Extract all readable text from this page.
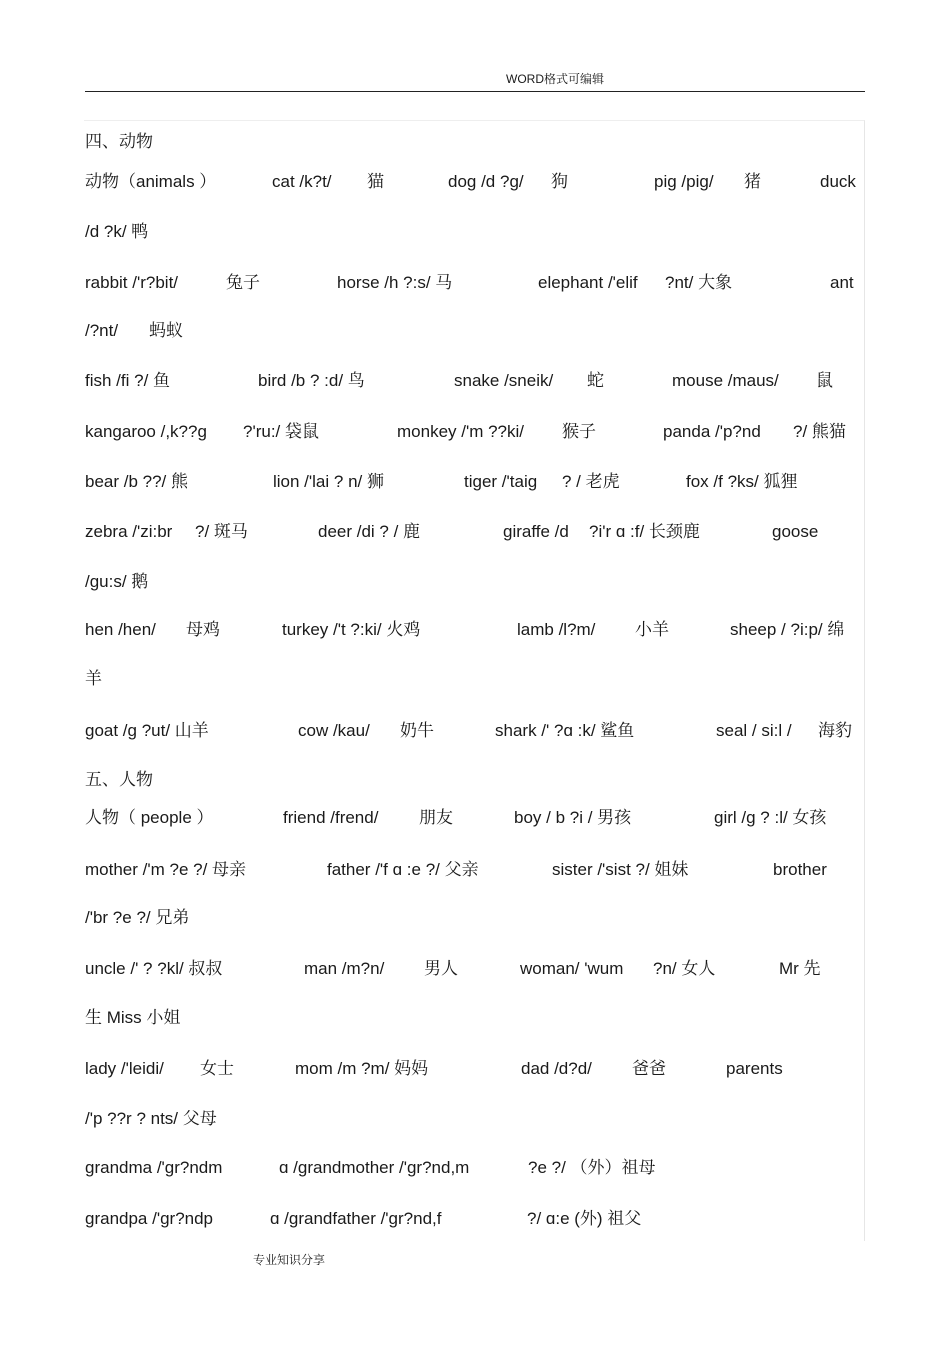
WORD格式可编辑
四、动物
动物（animals ）	cat /k?t/ 猫	dog /d ?g/ 狗	pig /pig/ 猪	duck
/d ?k/ 鸭
rabbit /'r?bit/	兔子	horse /h ?:s/ 马	elephant /'elif ?nt/ 大象	ant
/?nt/ 蚂蚁
fish /fi ?/ 鱼	bird /b ? :d/ 鸟	snake /sneik/ 蛇	mouse /maus/ 鼠
kangaroo /,k??g ?'ru:/ 袋鼠	monkey /'m ??ki/ 猴子	panda /'p?nd ?/ 熊猫
bear /b ??/ 熊	lion /'lai ? n/ 狮	tiger /'taig ? / 老虎	fox /f ?ks/ 狐狸
zebra /'zi:br ?/ 斑马	deer /di ? / 鹿	giraffe /d ?i'r ɑ :f/ 长颈鹿	goose
/gu:s/ 鹅
hen /hen/ 母鸡	turkey /'t ?:ki/ 火鸡	lamb /l?m/ 小羊	sheep / ?i:p/ 绵
羊
goat /g ?ut/ 山羊	cow /kau/ 奶牛	shark /' ?ɑ :k/ 鲨鱼	seal / si:l / 海豹
五、人物
人物（ people ）	friend /frend/ 朋友	boy / b ?i / 男孩	girl /g ? :l/ 女孩
mother /'m ?e ?/ 母亲	father /'f ɑ :e ?/ 父亲	sister /'sist ?/ 姐妹	brother
/'br ?e ?/ 兄弟
uncle /' ? ?kl/ 叔叔	man /m?n/ 男人	woman/ 'wum ?n/ 女人	Mr 先
生 Miss 小姐
lady /'leidi/ 女士	mom /m ?m/ 妈妈	dad /d?d/ 爸爸	parents
/'p ??r ? nts/ 父母
grandma /'gr?ndm	ɑ /grandmother /'gr?nd,m	?e ?/ （外）祖母
grandpa /'gr?ndp	ɑ /grandfather /'gr?nd,f	?/ ɑ:e (外) 祖父
专业知识分享
